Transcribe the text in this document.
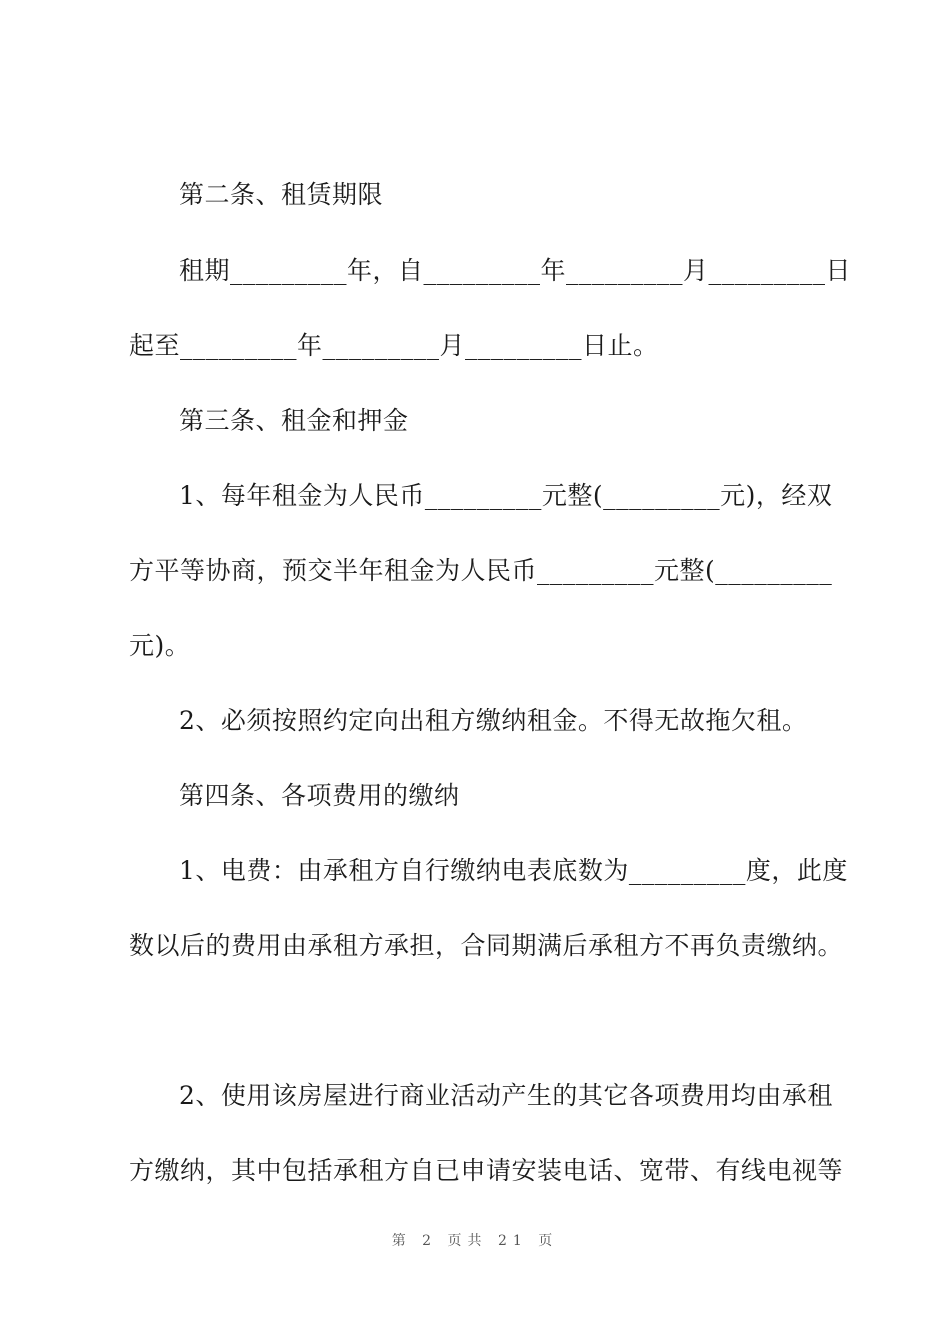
第二条、租赁期限
租期_________年，自_________年_________月_________日
起至_________年_________月_________日止。
第三条、租金和押金
1、每年租金为人民币_________元整(_________元)，经双
方平等协商，预交半年租金为人民币_________元整(_________
元)。
2、必须按照约定向出租方缴纳租金。不得无故拖欠租。
第四条、各项费用的缴纳
1、电费：由承租方自行缴纳电表底数为_________度，此度
数以后的费用由承租方承担，合同期满后承租方不再负责缴纳。
2、使用该房屋进行商业活动产生的其它各项费用均由承租
方缴纳，其中包括承租方自已申请安装电话、宽带、有线电视等
第 2 页共 21 页
